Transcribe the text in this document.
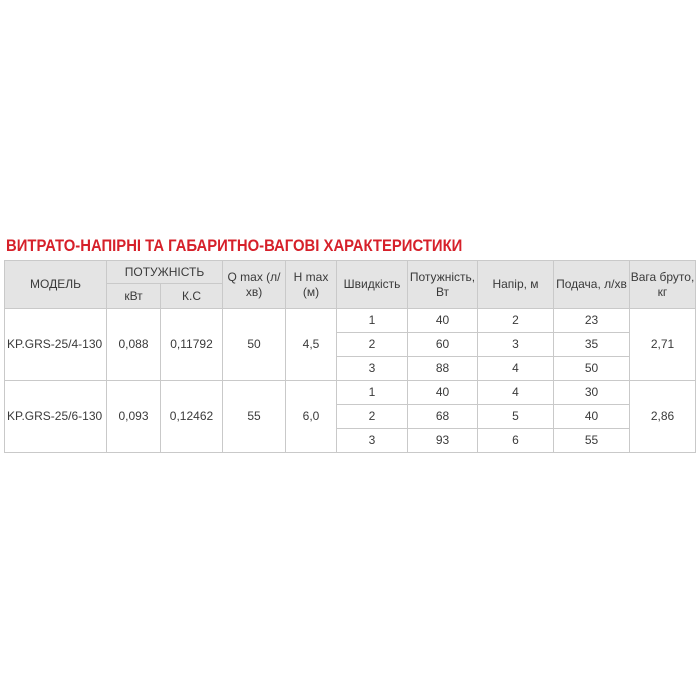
ВИТРАТО-НАПІРНІ ТА ГАБАРИТНО-ВАГОВІ ХАРАКТЕРИСТИКИ
МОДЕЛЬ	ПОТУЖНІСТЬ		Q max (л/хв)	H max (м)	Швидкість	Потужність, Вт	Напір, м	Подача, л/хв	Вага бруто, кг
	кВт	К.С							
KP.GRS-25/4-130	0,088	0,11792	50	4,5	1	40	2	23	2,71
					2	60	3	35	
					3	88	4	50	
KP.GRS-25/6-130	0,093	0,12462	55	6,0	1	40	4	30	2,86
					2	68	5	40	
					3	93	6	55	
